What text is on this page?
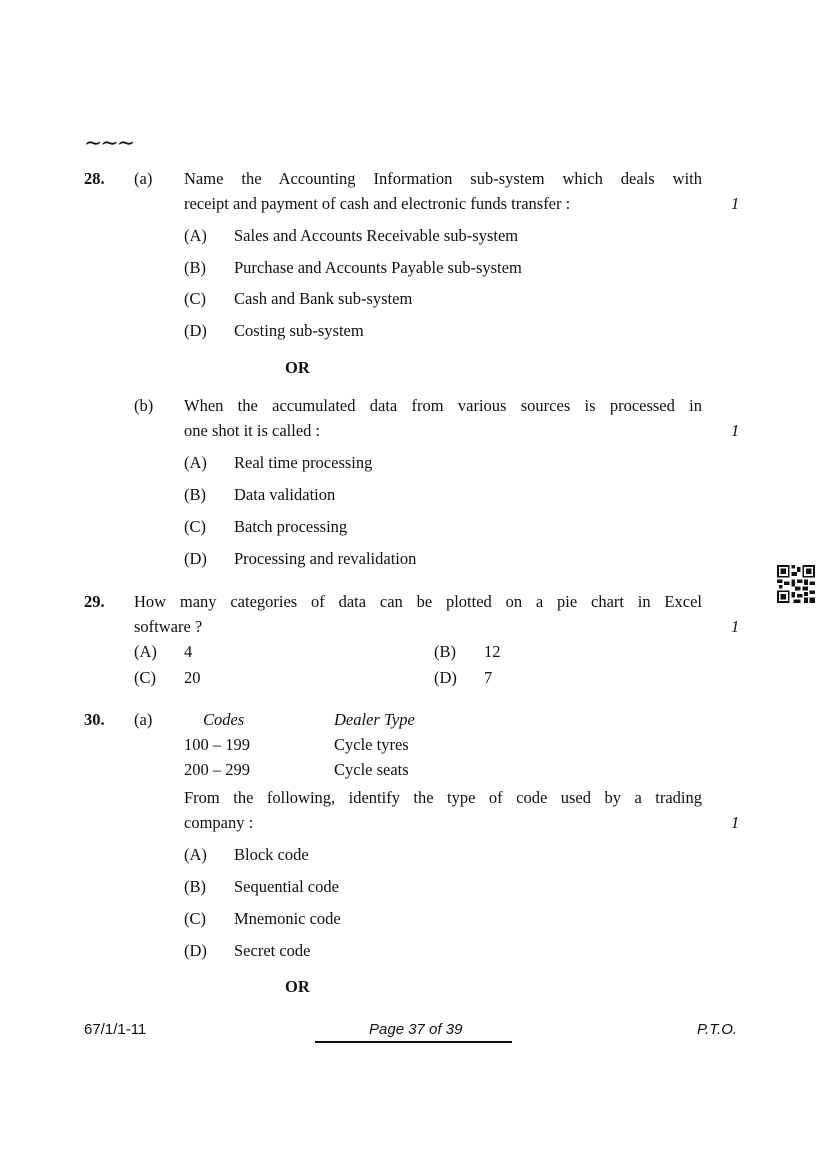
∼∼∼
28. (a) Name the Accounting Information sub-system which deals with
receipt and payment of cash and electronic funds transfer :	1
(A) Sales and Accounts Receivable sub-system
(B) Purchase and Accounts Payable sub-system
(C) Cash and Bank sub-system
(D) Costing sub-system
OR
(b) When the accumulated data from various sources is processed in
one shot it is called :	1
(A) Real time processing
(B) Data validation
(C) Batch processing
(D) Processing and revalidation
29. How many categories of data can be plotted on a pie chart in Excel
software ?	1
(A) 4	(B) 12
(C) 20	(D) 7
30. (a)	Codes	Dealer Type
100 – 199	Cycle tyres
200 – 299	Cycle seats
From the following, identify the type of code used by a trading
company :	1
(A) Block code
(B) Sequential code
(C) Mnemonic code
(D) Secret code
OR
67/1/1-11	Page 37 of 39	P.T.O.
